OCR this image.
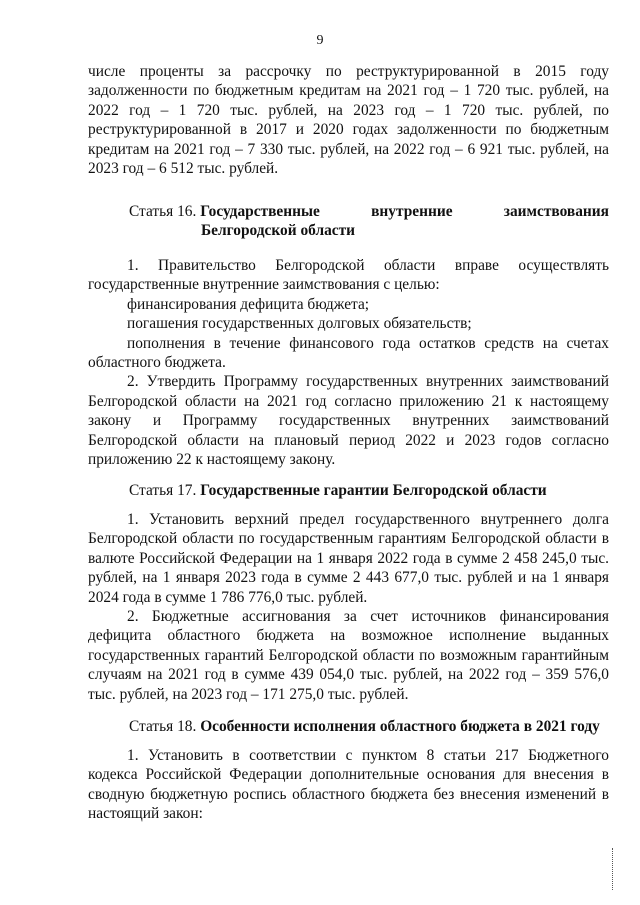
9

числе проценты за рассрочку по реструктурированной в 2015 году задолженности по бюджетным кредитам на 2021 год – 1 720 тыс. рублей, на 2022 год – 1 720 тыс. рублей, на 2023 год – 1 720 тыс. рублей, по реструктурированной в 2017 и 2020 годах задолженности по бюджетным кредитам на 2021 год – 7 330 тыс. рублей, на 2022 год – 6 921 тыс. рублей, на 2023 год – 6 512 тыс. рублей.

Статья 16. Государственные	внутренние	заимствования
Белгородской области

1. Правительство Белгородской области вправе осуществлять государственные внутренние заимствования с целью:

финансирования дефицита бюджета;

погашения государственных долговых обязательств;

пополнения в течение финансового года остатков средств на счетах областного бюджета.

2. Утвердить Программу государственных внутренних заимствований Белгородской области на 2021 год согласно приложению 21 к настоящему закону и Программу государственных внутренних заимствований Белгородской области на плановый период 2022 и 2023 годов согласно приложению 22 к настоящему закону.

Статья 17. Государственные гарантии Белгородской области

1. Установить верхний предел государственного внутреннего долга Белгородской области по государственным гарантиям Белгородской области в валюте Российской Федерации на 1 января 2022 года в сумме 2 458 245,0 тыс. рублей, на 1 января 2023 года в сумме 2 443 677,0 тыс. рублей и на 1 января 2024 года в сумме 1 786 776,0 тыс. рублей.

2. Бюджетные ассигнования за счет источников финансирования дефицита областного бюджета на возможное исполнение выданных государственных гарантий Белгородской области по возможным гарантийным случаям на 2021 год в сумме 439 054,0 тыс. рублей, на 2022 год – 359 576,0 тыс. рублей, на 2023 год – 171 275,0 тыс. рублей.

Статья 18. Особенности исполнения областного бюджета в 2021 году

1. Установить в соответствии с пунктом 8 статьи 217 Бюджетного кодекса Российской Федерации дополнительные основания для внесения в сводную бюджетную роспись областного бюджета без внесения изменений в настоящий закон:
